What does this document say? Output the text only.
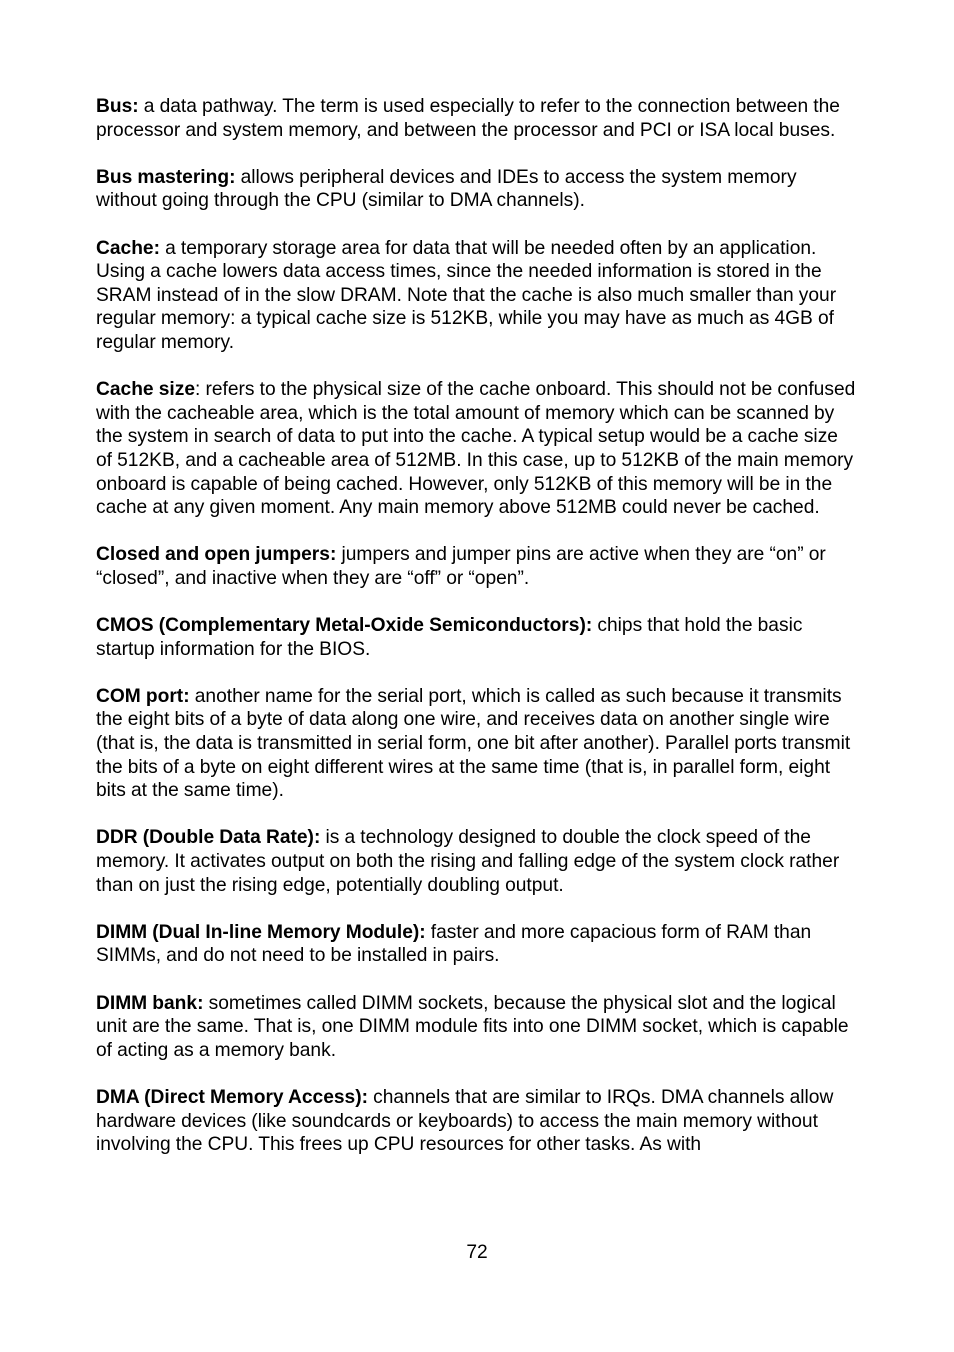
Bus: a data pathway. The term is used especially to refer to the connection between the processor and system memory, and between the processor and PCI or ISA local buses.

Bus mastering: allows peripheral devices and IDEs to access the system memory without going through the CPU (similar to DMA channels).

Cache: a temporary storage area for data that will be needed often by an application. Using a cache lowers data access times, since the needed information is stored in the SRAM instead of in the slow DRAM. Note that the cache is also much smaller than your regular memory: a typical cache size is 512KB, while you may have as much as 4GB of regular memory.

Cache size: refers to the physical size of the cache onboard. This should not be confused with the cacheable area, which is the total amount of memory which can be scanned by the system in search of data to put into the cache. A typical setup would be a cache size of 512KB, and a cacheable area of 512MB. In this case, up to 512KB of the main memory onboard is capable of being cached. However, only 512KB of this memory will be in the cache at any given moment. Any main memory above 512MB could never be cached.

Closed and open jumpers: jumpers and jumper pins are active when they are “on” or “closed”, and inactive when they are “off” or “open”.

CMOS (Complementary Metal-Oxide Semiconductors): chips that hold the basic startup information for the BIOS.

COM port: another name for the serial port, which is called as such because it transmits the eight bits of a byte of data along one wire, and receives data on another single wire (that is, the data is transmitted in serial form, one bit after another). Parallel ports transmit the bits of a byte on eight different wires at the same time (that is, in parallel form, eight bits at the same time).

DDR (Double Data Rate): is a technology designed to double the clock speed of the memory. It activates output on both the rising and falling edge of the system clock rather than on just the rising edge, potentially doubling output.

DIMM (Dual In-line Memory Module): faster and more capacious form of RAM than SIMMs, and do not need to be installed in pairs.

DIMM bank: sometimes called DIMM sockets, because the physical slot and the logical unit are the same. That is, one DIMM module fits into one DIMM socket, which is capable of acting as a memory bank.

DMA (Direct Memory Access): channels that are similar to IRQs. DMA channels allow hardware devices (like soundcards or keyboards) to access the main memory without involving the CPU. This frees up CPU resources for other tasks. As with

72
